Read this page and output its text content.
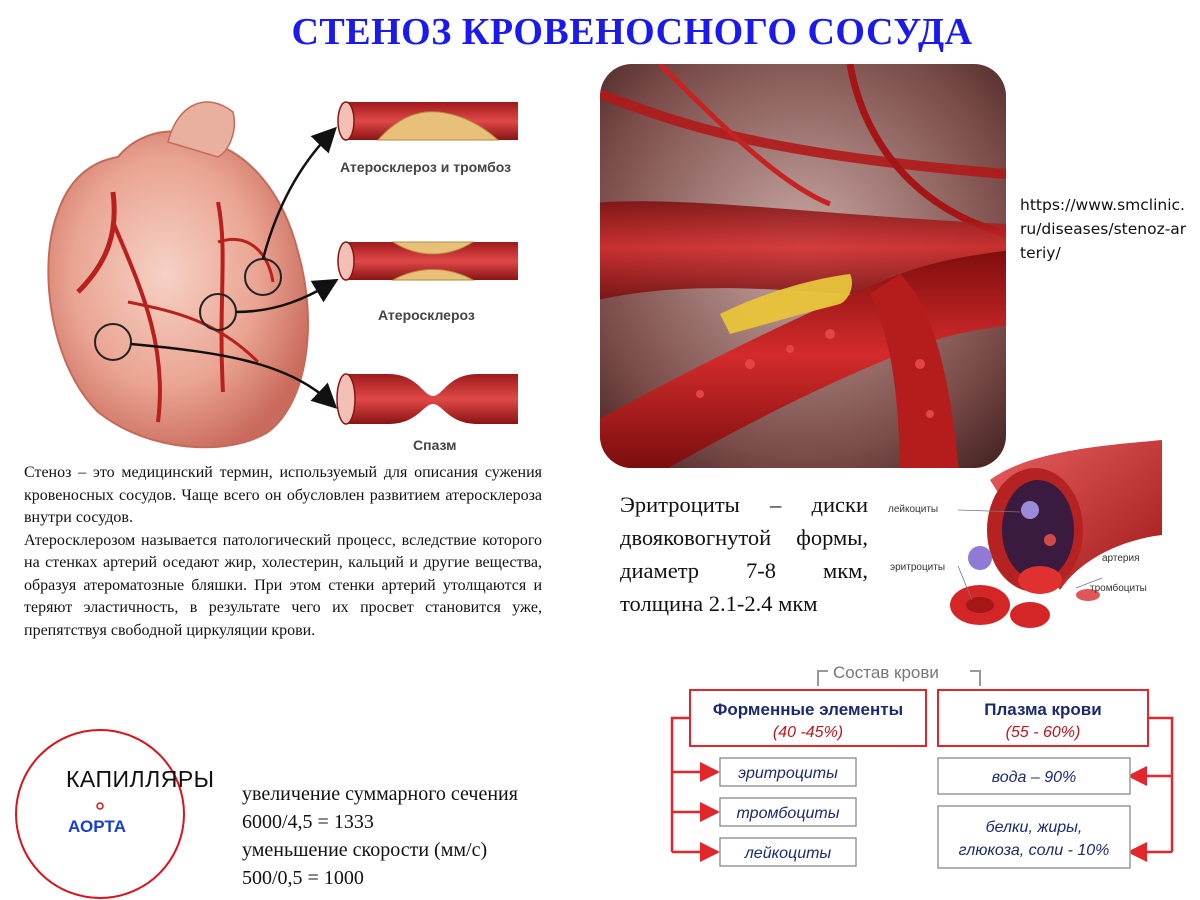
СТЕНОЗ КРОВЕНОСНОГО СОСУДА
Атеросклероз и тромбоз
Атеросклероз
Спазм
https://www.smclinic.ru/diseases/stenoz-arteriy/

Стеноз – это медицинский термин, используемый для описания сужения кровеносных сосудов. Чаще всего он обусловлен развитием атеросклероза внутри сосудов.

Атеросклерозом называется патологический процесс, вследствие которого на стенках артерий оседают жир, холестерин, кальций и другие вещества, образуя атероматозные бляшки. При этом стенки артерий утолщаются и теряют эластичность, в результате чего их просвет становится уже, препятствуя свободной циркуляции крови.

Эритроциты – диски двояковогнутой формы, диаметр 7-8 мкм, толщина 2.1-2.4 мкм
лейкоциты
артерия
эритроциты
тромбоциты
Состав крови
Форменные элементы
(40 -45%)
Плазма крови
(55 - 60%)
эритроциты
тромбоциты
лейкоциты
вода – 90%
белки, жиры,
глюкоза, соли - 10%
КАПИЛЛЯРЫ
АОРТА
увеличение суммарного сечения
6000/4,5 = 1333
уменьшение скорости (мм/с)
500/0,5 = 1000
